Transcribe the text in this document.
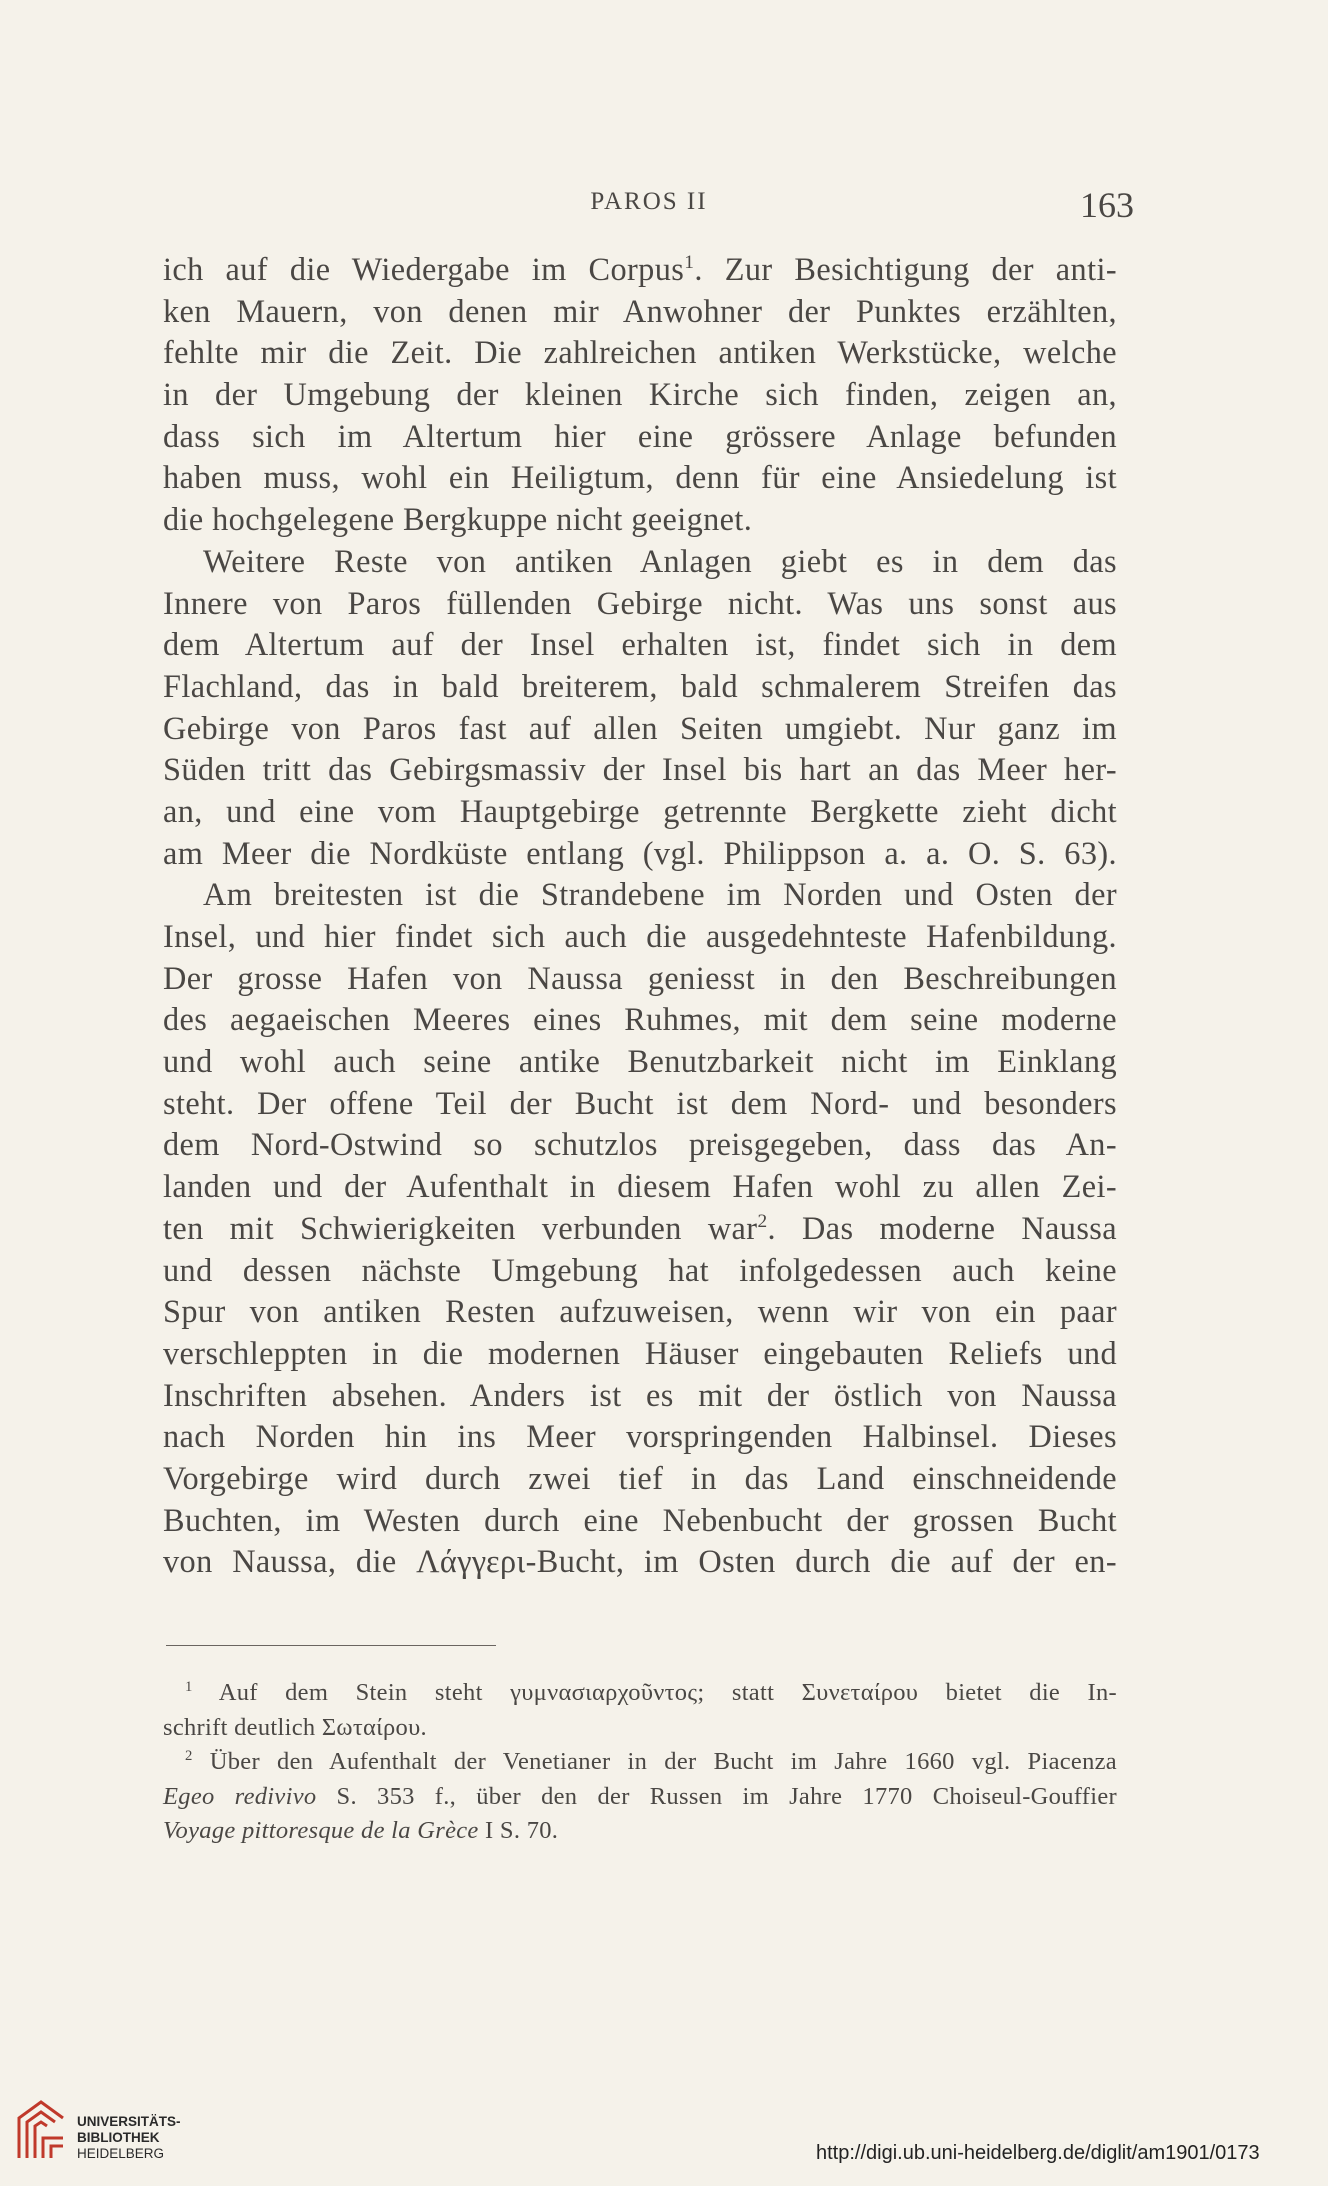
PAROS II	163
ich auf die Wiedergabe im Corpus$^1$. Zur Besichtigung der anti-
ken Mauern, von denen mir Anwohner der Punktes erzählten,
fehlte mir die Zeit. Die zahlreichen antiken Werkstücke, welche
in der Umgebung der kleinen Kirche sich finden, zeigen an,
dass sich im Altertum hier eine grössere Anlage befunden
haben muss, wohl ein Heiligtum, denn für eine Ansiedelung ist
die hochgelegene Bergkuppe nicht geeignet.
Weitere Reste von antiken Anlagen giebt es in dem das
Innere von Paros füllenden Gebirge nicht. Was uns sonst aus
dem Altertum auf der Insel erhalten ist, findet sich in dem
Flachland, das in bald breiterem, bald schmalerem Streifen das
Gebirge von Paros fast auf allen Seiten umgiebt. Nur ganz im
Süden tritt das Gebirgsmassiv der Insel bis hart an das Meer her-
an, und eine vom Hauptgebirge getrennte Bergkette zieht dicht
am Meer die Nordküste entlang (vgl. Philippson a. a. O. S. 63).
Am breitesten ist die Strandebene im Norden und Osten der
Insel, und hier findet sich auch die ausgedehnteste Hafenbildung.
Der grosse Hafen von Naussa geniesst in den Beschreibungen
des aegaeischen Meeres eines Ruhmes, mit dem seine moderne
und wohl auch seine antike Benutzbarkeit nicht im Einklang
steht. Der offene Teil der Bucht ist dem Nord- und besonders
dem Nord-Ostwind so schutzlos preisgegeben, dass das An-
landen und der Aufenthalt in diesem Hafen wohl zu allen Zei-
ten mit Schwierigkeiten verbunden war$^2$. Das moderne Naussa
und dessen nächste Umgebung hat infolgedessen auch keine
Spur von antiken Resten aufzuweisen, wenn wir von ein paar
verschleppten in die modernen Häuser eingebauten Reliefs und
Inschriften absehen. Anders ist es mit der östlich von Naussa
nach Norden hin ins Meer vorspringenden Halbinsel. Dieses
Vorgebirge wird durch zwei tief in das Land einschneidende
Buchten, im Westen durch eine Nebenbucht der grossen Bucht
von Naussa, die Λάγγερι-Bucht, im Osten durch die auf der en-
$^1$ Auf dem Stein steht γυμνασιαρχοῦντος; statt Συνεταίρου bietet die In-
schrift deutlich Σωταίρου.
$^2$ Über den Aufenthalt der Venetianer in der Bucht im Jahre 1660 vgl. Piacenza
Egeo redivivo S. 353 f., über den der Russen im Jahre 1770 Choiseul-Gouffier
Voyage pittoresque de la Grèce I S. 70.
UNIVERSITÄTS-
BIBLIOTHEK
HEIDELBERG	http://digi.ub.uni-heidelberg.de/diglit/am1901/0173
